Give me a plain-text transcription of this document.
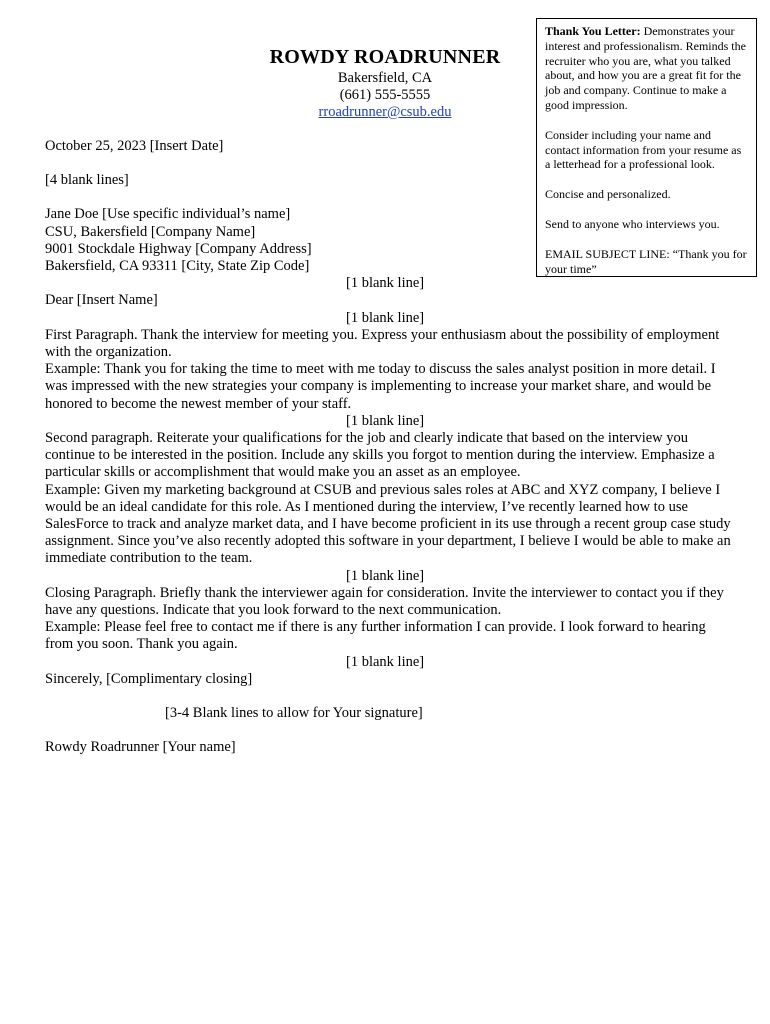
Thank You Letter: Demonstrates your interest and professionalism. Reminds the recruiter who you are, what you talked about, and how you are a great fit for the job and company. Continue to make a good impression.

Consider including your name and contact information from your resume as a letterhead for a professional look.

Concise and personalized.

Send to anyone who interviews you.

EMAIL SUBJECT LINE: “Thank you for your time”

ROWDY ROADRUNNER
Bakersfield, CA
(661) 555-5555
rroadrunner@csub.edu

October 25, 2023 [Insert Date]

[4 blank lines]

Jane Doe [Use specific individual’s name]

CSU, Bakersfield [Company Name]

9001 Stockdale Highway [Company Address]

Bakersfield, CA 93311 [City, State Zip Code]

[1 blank line]

Dear [Insert Name]

[1 blank line]

First Paragraph. Thank the interview for meeting you. Express your enthusiasm about the possibility of employment with the organization.

Example: Thank you for taking the time to meet with me today to discuss the sales analyst position in more detail. I was impressed with the new strategies your company is implementing to increase your market share, and would be honored to become the newest member of your staff.

[1 blank line]

Second paragraph. Reiterate your qualifications for the job and clearly indicate that based on the interview you continue to be interested in the position. Include any skills you forgot to mention during the interview. Emphasize a particular skills or accomplishment that would make you an asset as an employee.

Example: Given my marketing background at CSUB and previous sales roles at ABC and XYZ company, I believe I would be an ideal candidate for this role. As I mentioned during the interview, I’ve recently learned how to use SalesForce to track and analyze market data, and I have become proficient in its use through a recent group case study assignment. Since you’ve also recently adopted this software in your department, I believe I would be able to make an immediate contribution to the team.

[1 blank line]

Closing Paragraph. Briefly thank the interviewer again for consideration. Invite the interviewer to contact you if they have any questions. Indicate that you look forward to the next communication.

Example: Please feel free to contact me if there is any further information I can provide. I look forward to hearing from you soon. Thank you again.

[1 blank line]

Sincerely, [Complimentary closing]

[3-4 Blank lines to allow for Your signature]

Rowdy Roadrunner [Your name]
